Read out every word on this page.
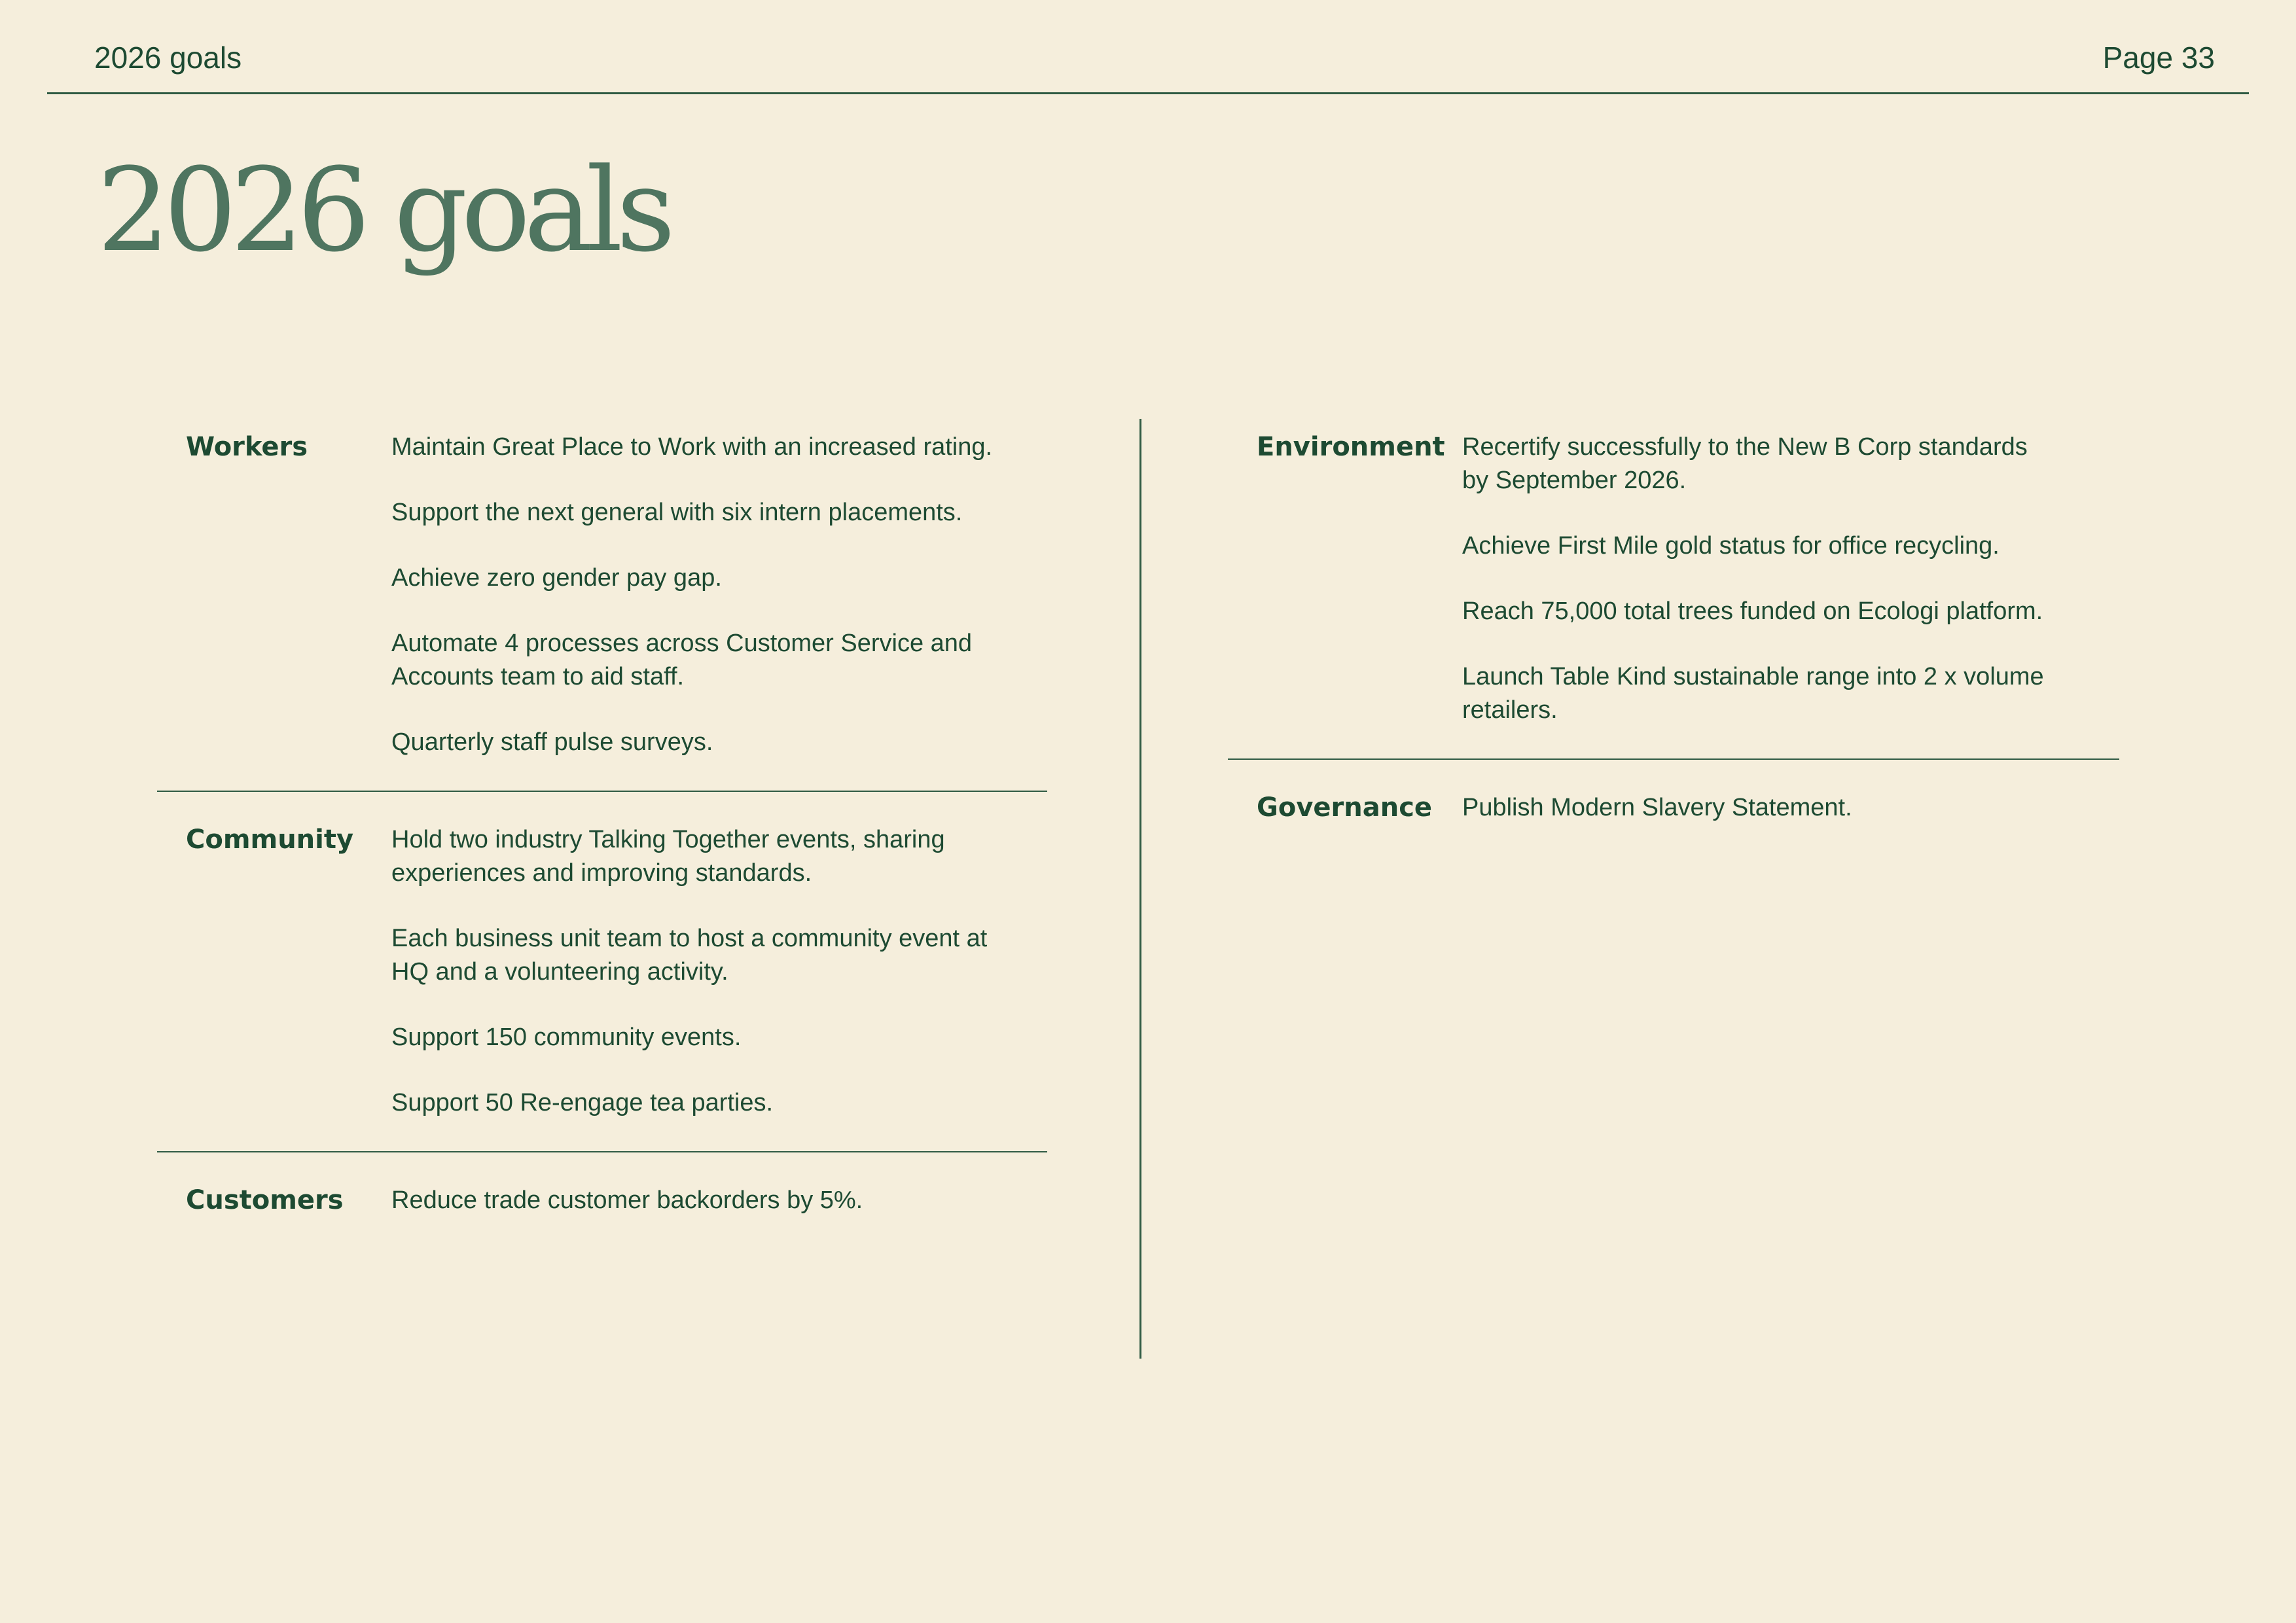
2026 goals	Page 33
2026 goals
Workers	Maintain Great Place to Work with an increased rating.
Support the next general with six intern placements.
Achieve zero gender pay gap.
Automate 4 processes across Customer Service and Accounts team to aid staff.
Quarterly staff pulse surveys.
Community	Hold two industry Talking Together events, sharing experiences and improving standards.
Each business unit team to host a community event at HQ and a volunteering activity.
Support 150 community events.
Support 50 Re-engage tea parties.
Customers	Reduce trade customer backorders by 5%.
Environment Recertify successfully to the New B Corp standards by September 2026.
Achieve First Mile gold status for office recycling.
Reach 75,000 total trees funded on Ecologi platform.
Launch Table Kind sustainable range into 2 x volume retailers.
Governance	Publish Modern Slavery Statement.
